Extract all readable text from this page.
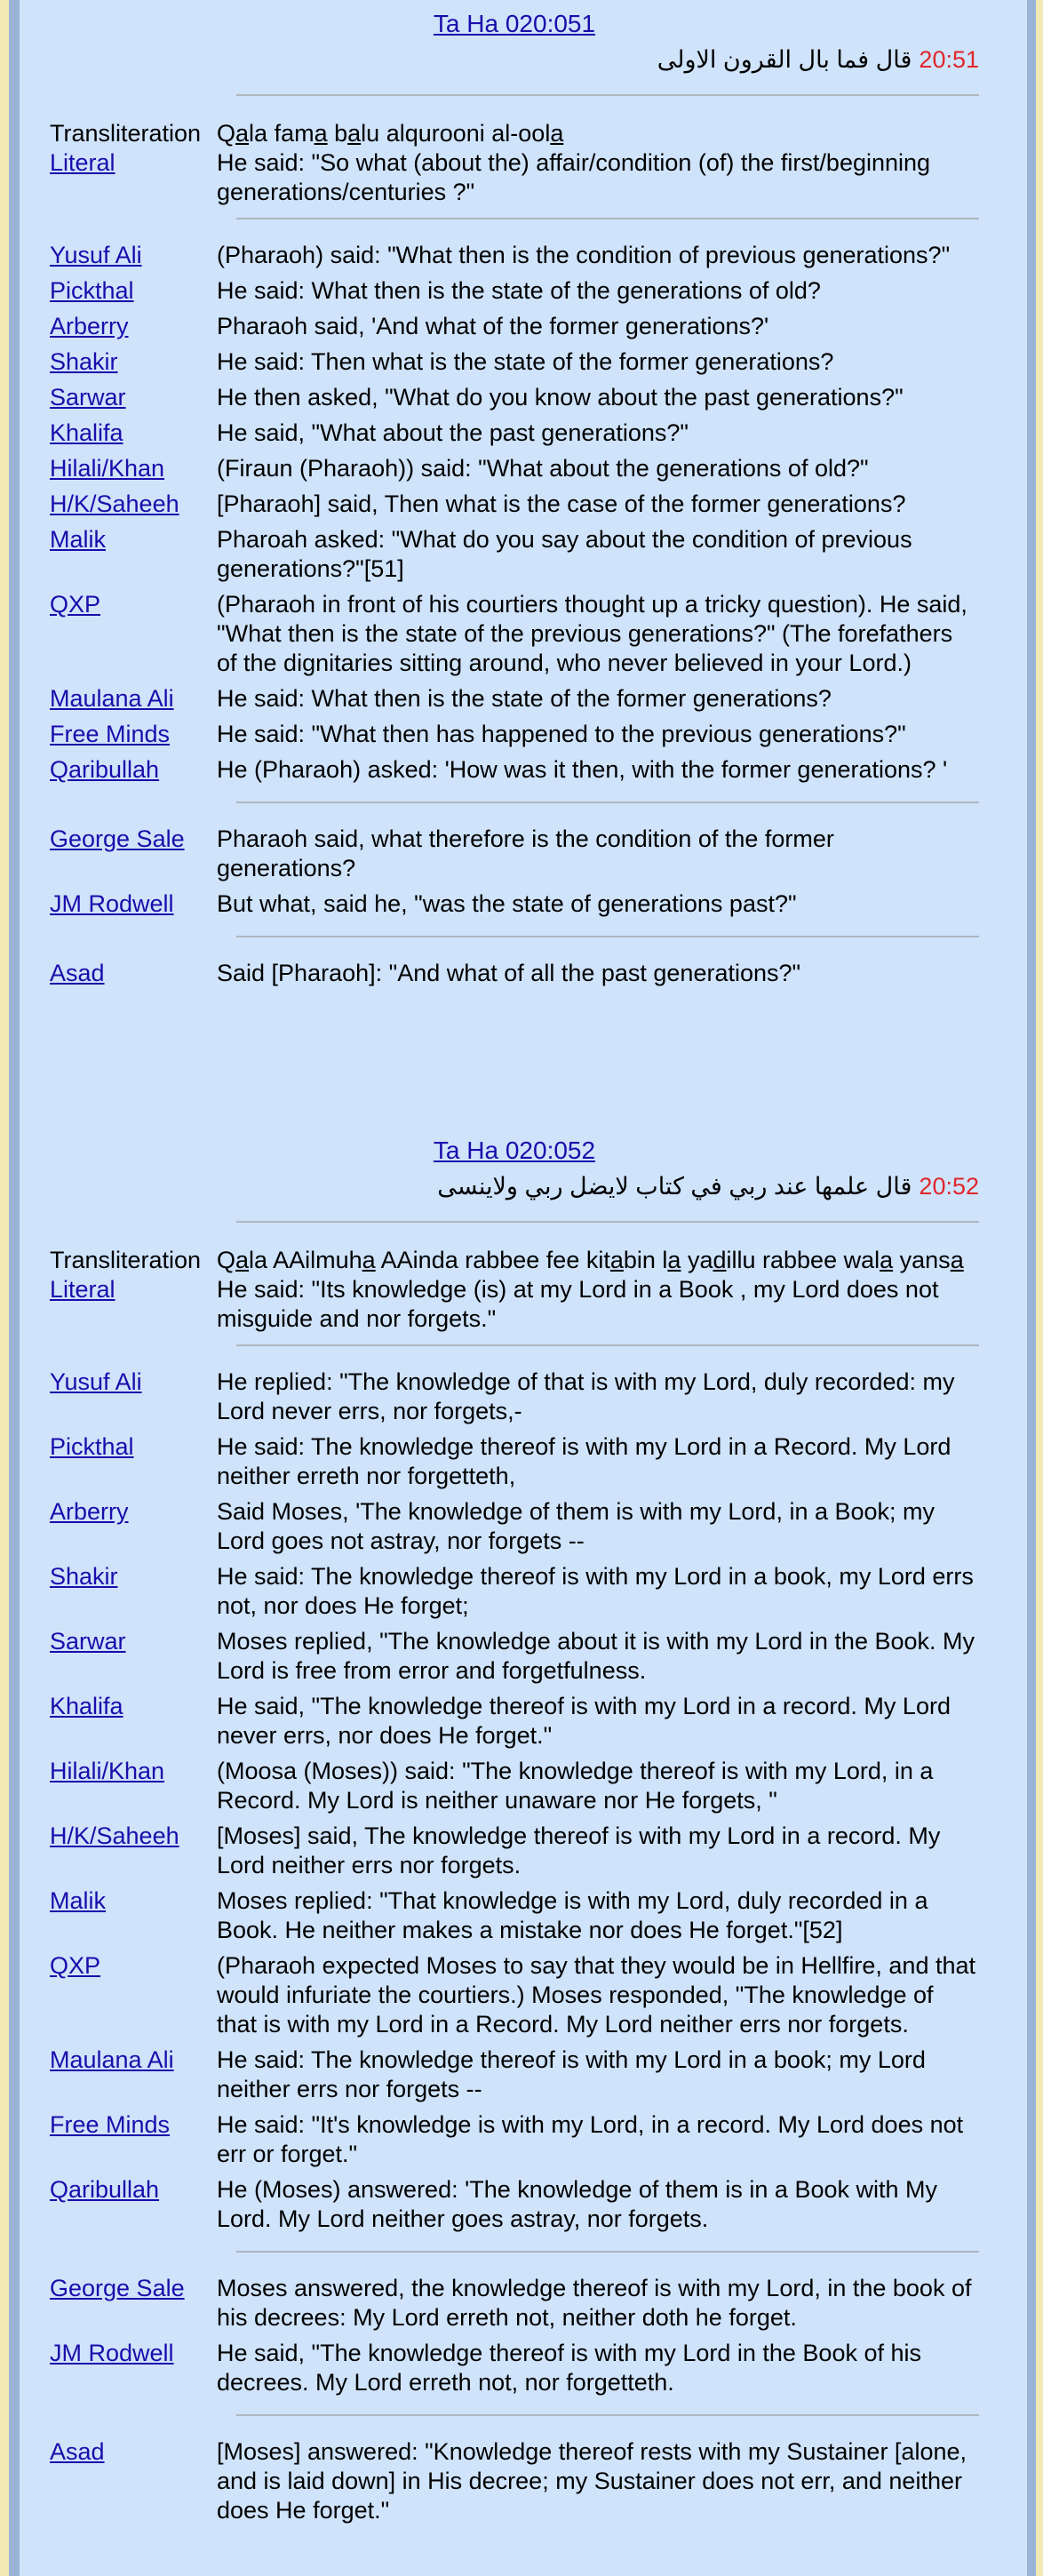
Ta Ha 020:051
20:51قال فما بال القرون الاولى
Transliteration	Qala fama balu alqurooni al-oola
Literal	He said: "So what (about the) affair/condition (of) the first/beginning generations/centuries ?"
Yusuf Ali	(Pharaoh) said: "What then is the condition of previous generations?"

Pickthal	He said: What then is the state of the generations of old?

Arberry	Pharaoh said, 'And what of the former generations?'

Shakir	He said: Then what is the state of the former generations?

Sarwar	He then asked, "What do you know about the past generations?"

Khalifa	He said, "What about the past generations?"

Hilali/Khan	(Firaun (Pharaoh)) said: "What about the generations of old?"

H/K/Saheeh	[Pharaoh] said, Then what is the case of the former generations?

Malik	Pharoah asked: "What do you say about the condition of previous generations?"[51]

QXP	(Pharaoh in front of his courtiers thought up a tricky question). He said, "What then is the state of the previous generations?" (The forefathers of the dignitaries sitting around, who never believed in your Lord.)

Maulana Ali	He said: What then is the state of the former generations?

Free Minds	He said: "What then has happened to the previous generations?"

Qaribullah	He (Pharaoh) asked: 'How was it then, with the former generations? '

George Sale	Pharaoh said, what therefore is the condition of the former generations?

JM Rodwell	But what, said he, "was the state of generations past?"

Asad	Said [Pharaoh]: "And what of all the past generations?"

Ta Ha 020:052
20:52قال علمها عند ربي في كتاب لايضل ربي ولاينسى
Transliteration	Qala AAilmuha AAinda rabbee fee kitabin la yadillu rabbee wala yansa
Literal	He said: "Its knowledge (is) at my Lord in a Book , my Lord does not misguide and nor forgets."
Yusuf Ali	He replied: "The knowledge of that is with my Lord, duly recorded: my Lord never errs, nor forgets,-

Pickthal	He said: The knowledge thereof is with my Lord in a Record. My Lord neither erreth nor forgetteth,

Arberry	Said Moses, 'The knowledge of them is with my Lord, in a Book; my Lord goes not astray, nor forgets --

Shakir	He said: The knowledge thereof is with my Lord in a book, my Lord errs not, nor does He forget;

Sarwar	Moses replied, "The knowledge about it is with my Lord in the Book. My Lord is free from error and forgetfulness.

Khalifa	He said, "The knowledge thereof is with my Lord in a record. My Lord never errs, nor does He forget."

Hilali/Khan	(Moosa (Moses)) said: "The knowledge thereof is with my Lord, in a Record. My Lord is neither unaware nor He forgets, "

H/K/Saheeh	[Moses] said, The knowledge thereof is with my Lord in a record. My Lord neither errs nor forgets.

Malik	Moses replied: "That knowledge is with my Lord, duly recorded in a Book. He neither makes a mistake nor does He forget."[52]

QXP	(Pharaoh expected Moses to say that they would be in Hellfire, and that would infuriate the courtiers.) Moses responded, "The knowledge of that is with my Lord in a Record. My Lord neither errs nor forgets.

Maulana Ali	He said: The knowledge thereof is with my Lord in a book; my Lord neither errs nor forgets --

Free Minds	He said: "It's knowledge is with my Lord, in a record. My Lord does not err or forget."

Qaribullah	He (Moses) answered: 'The knowledge of them is in a Book with My Lord. My Lord neither goes astray, nor forgets.

George Sale	Moses answered, the knowledge thereof is with my Lord, in the book of his decrees: My Lord erreth not, neither doth he forget.

JM Rodwell	He said, "The knowledge thereof is with my Lord in the Book of his decrees. My Lord erreth not, nor forgetteth.

Asad	[Moses] answered: "Knowledge thereof rests with my Sustainer [alone, and is laid down] in His decree; my Sustainer does not err, and neither does He forget."
